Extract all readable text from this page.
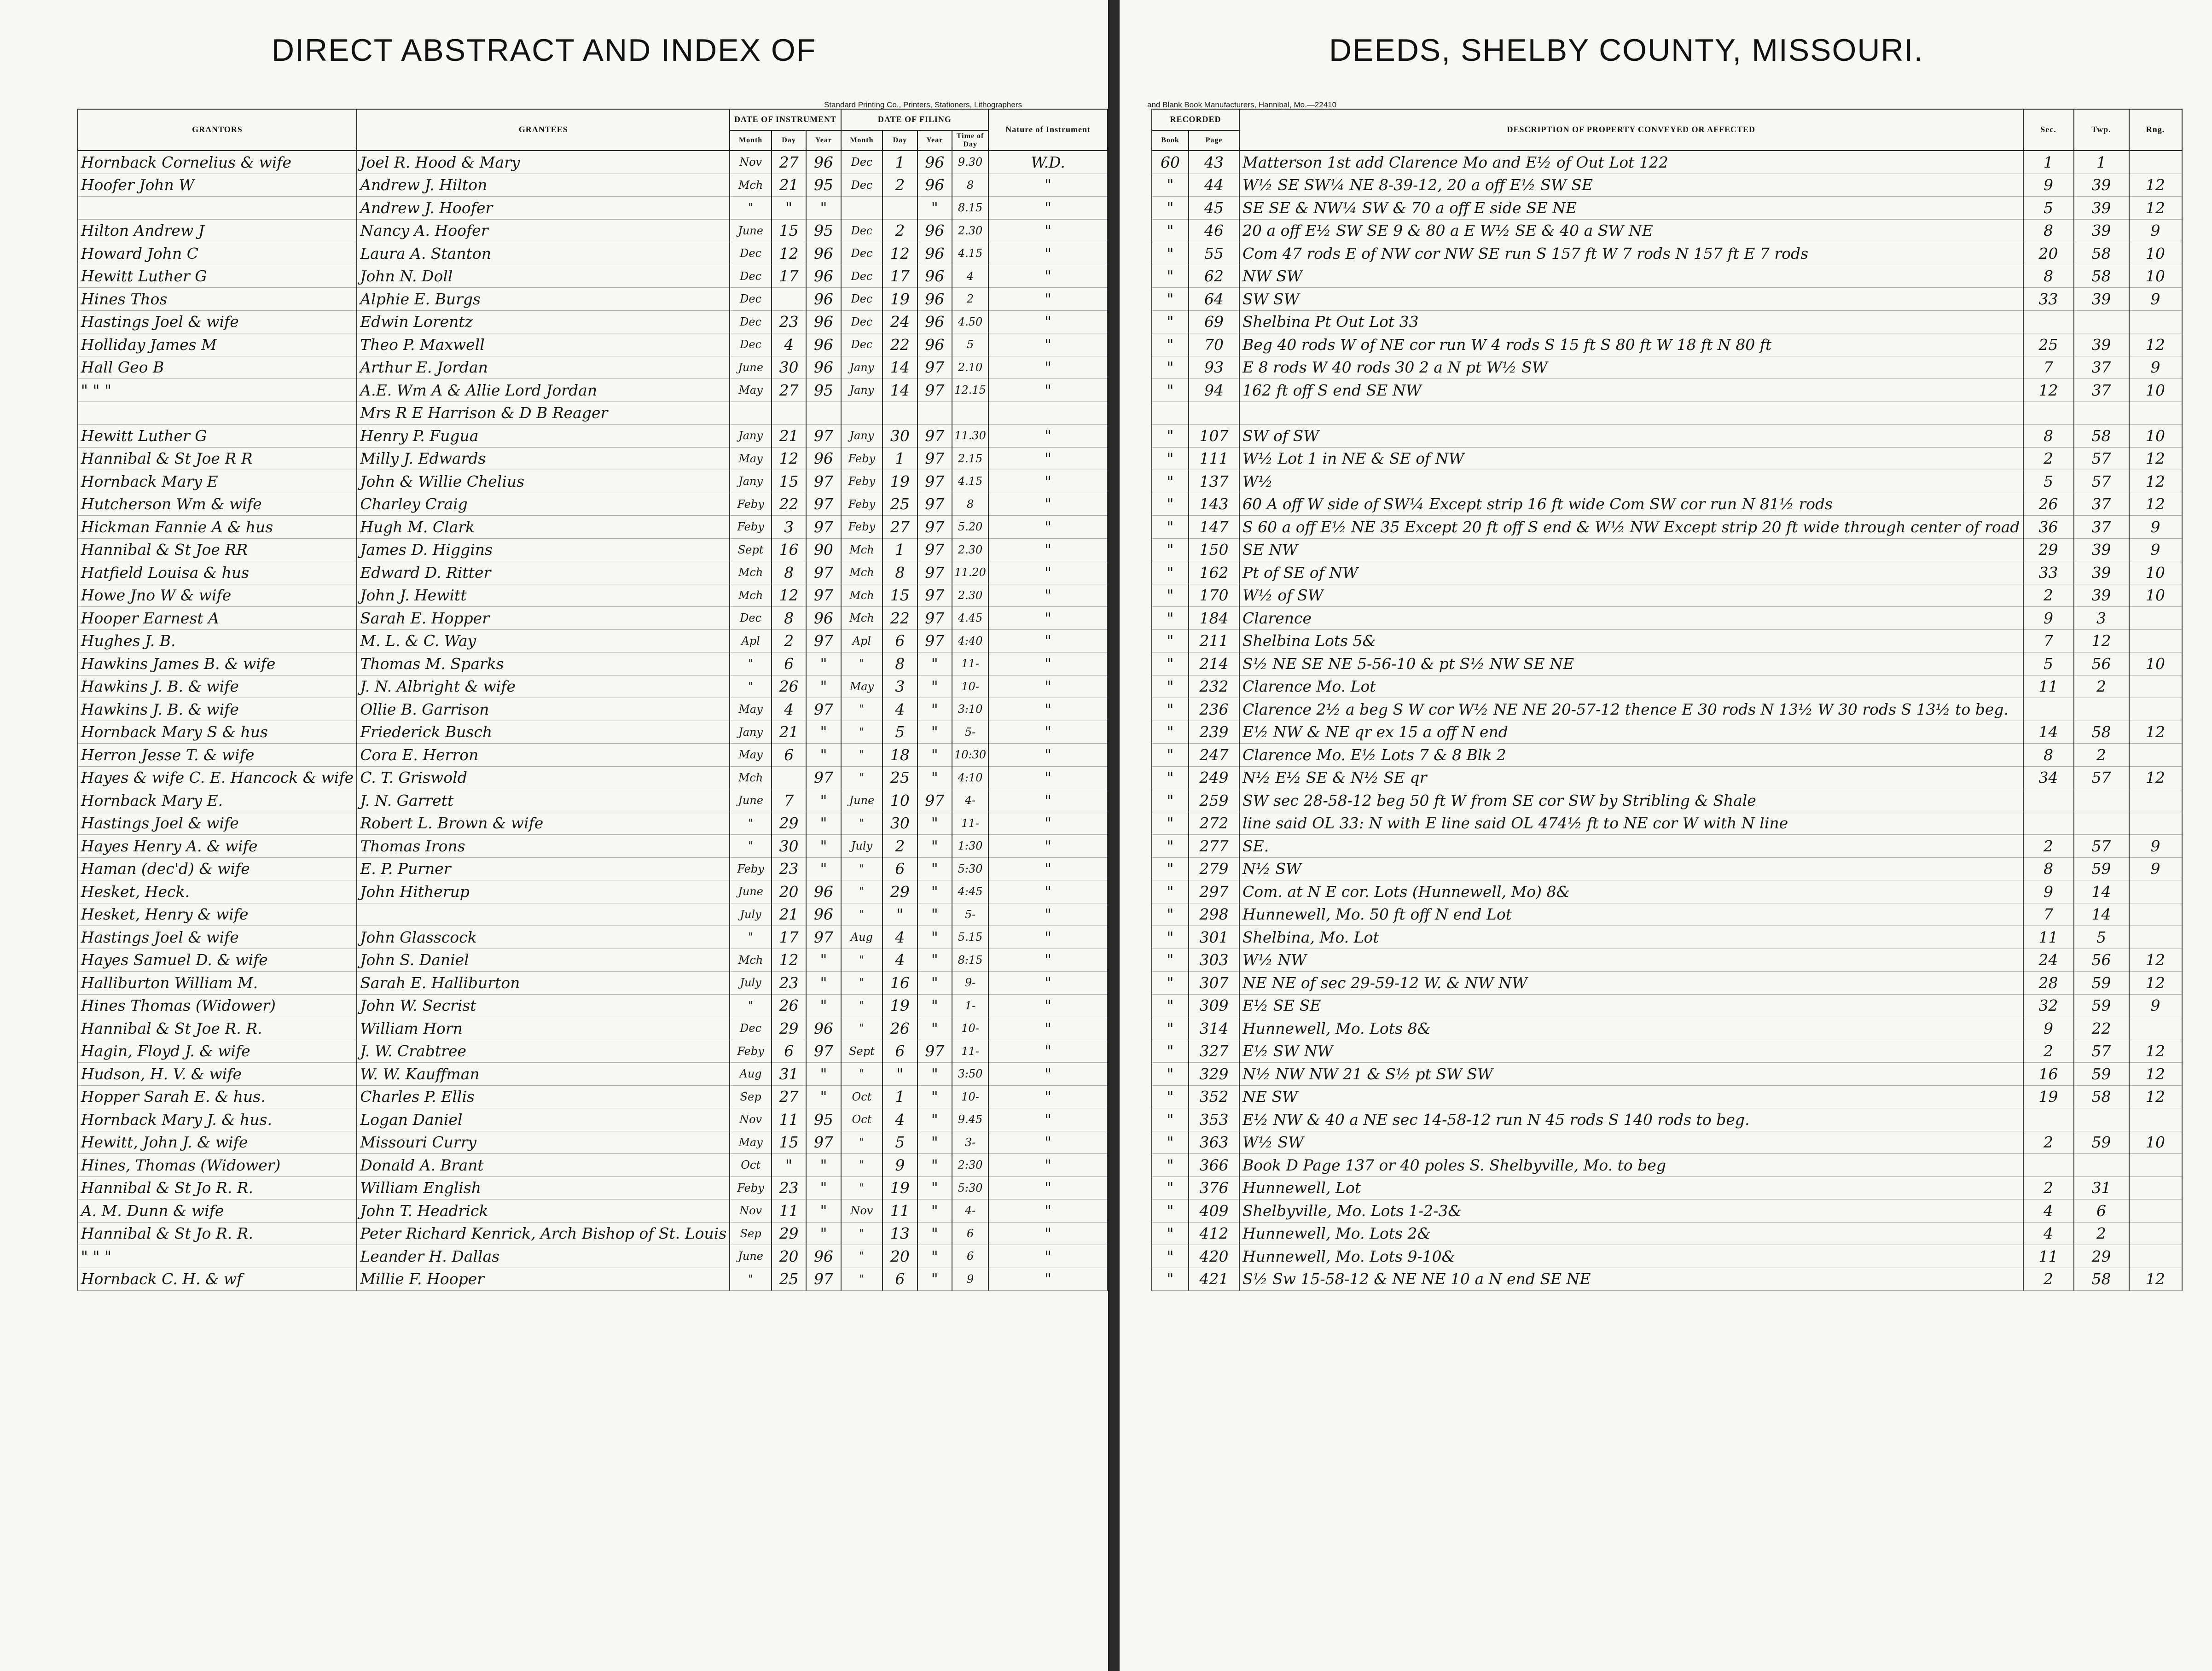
DIRECT ABSTRACT AND INDEX OF
Standard Printing Co., Printers, Stationers, Lithographers
	GRANTORS	GRANTEES	DATE OF INSTRUMENT			DATE OF FILING				Nature of Instrument
			Month	Day	Year	Month	Day	Year	Time of Day	
	Hornback Cornelius & wife	Joel R. Hood & Mary	Nov	27	96	Dec	1	96	9.30	W.D.
	Hoofer John W	Andrew J. Hilton	Mch	21	95	Dec	2	96	8	"
		Andrew J. Hoofer	"	"	"			"	8.15	"
	Hilton Andrew J	Nancy A. Hoofer	June	15	95	Dec	2	96	2.30	"
	Howard John C	Laura A. Stanton	Dec	12	96	Dec	12	96	4.15	"
	Hewitt Luther G	John N. Doll	Dec	17	96	Dec	17	96	4	"
	Hines Thos	Alphie E. Burgs	Dec		96	Dec	19	96	2	"
	Hastings Joel & wife	Edwin Lorentz	Dec	23	96	Dec	24	96	4.50	"
	Holliday James M	Theo P. Maxwell	Dec	4	96	Dec	22	96	5	"
	Hall Geo B	Arthur E. Jordan	June	30	96	Jany	14	97	2.10	"
	" " "	A.E. Wm A & Allie Lord Jordan	May	27	95	Jany	14	97	12.15	"
		Mrs R E Harrison & D B Reager								
	Hewitt Luther G	Henry P. Fugua	Jany	21	97	Jany	30	97	11.30	"
	Hannibal & St Joe R R	Milly J. Edwards	May	12	96	Feby	1	97	2.15	"
	Hornback Mary E	John & Willie Chelius	Jany	15	97	Feby	19	97	4.15	"
	Hutcherson Wm & wife	Charley Craig	Feby	22	97	Feby	25	97	8	"
	Hickman Fannie A & hus	Hugh M. Clark	Feby	3	97	Feby	27	97	5.20	"
	Hannibal & St Joe RR	James D. Higgins	Sept	16	90	Mch	1	97	2.30	"
	Hatfield Louisa & hus	Edward D. Ritter	Mch	8	97	Mch	8	97	11.20	"
	Howe Jno W & wife	John J. Hewitt	Mch	12	97	Mch	15	97	2.30	"
	Hooper Earnest A	Sarah E. Hopper	Dec	8	96	Mch	22	97	4.45	"
	Hughes J. B.	M. L. & C. Way	Apl	2	97	Apl	6	97	4:40	"
	Hawkins James B. & wife	Thomas M. Sparks	"	6	"	"	8	"	11-	"
	Hawkins J. B. & wife	J. N. Albright & wife	"	26	"	May	3	"	10-	"
	Hawkins J. B. & wife	Ollie B. Garrison	May	4	97	"	4	"	3:10	"
	Hornback Mary S & hus	Friederick Busch	Jany	21	"	"	5	"	5-	"
	Herron Jesse T. & wife	Cora E. Herron	May	6	"	"	18	"	10:30	"
	Hayes & wife C. E. Hancock & wife	C. T. Griswold	Mch		97	"	25	"	4:10	"
	Hornback Mary E.	J. N. Garrett	June	7	"	June	10	97	4-	"
	Hastings Joel & wife	Robert L. Brown & wife	"	29	"	"	30	"	11-	"
	Hayes Henry A. & wife	Thomas Irons	"	30	"	July	2	"	1:30	"
	Haman (dec'd) & wife	E. P. Purner	Feby	23	"	"	6	"	5:30	"
	Hesket, Heck.	John Hitherup	June	20	96	"	29	"	4:45	"
	Hesket, Henry & wife		July	21	96	"	"	"	5-	"
	Hastings Joel & wife	John Glasscock	"	17	97	Aug	4	"	5.15	"
	Hayes Samuel D. & wife	John S. Daniel	Mch	12	"	"	4	"	8:15	"
	Halliburton William M.	Sarah E. Halliburton	July	23	"	"	16	"	9-	"
	Hines Thomas (Widower)	John W. Secrist	"	26	"	"	19	"	1-	"
	Hannibal & St Joe R. R.	William Horn	Dec	29	96	"	26	"	10-	"
	Hagin, Floyd J. & wife	J. W. Crabtree	Feby	6	97	Sept	6	97	11-	"
	Hudson, H. V. & wife	W. W. Kauffman	Aug	31	"	"	"	"	3:50	"
	Hopper Sarah E. & hus.	Charles P. Ellis	Sep	27	"	Oct	1	"	10-	"
	Hornback Mary J. & hus.	Logan Daniel	Nov	11	95	Oct	4	"	9.45	"
	Hewitt, John J. & wife	Missouri Curry	May	15	97	"	5	"	3-	"
	Hines, Thomas (Widower)	Donald A. Brant	Oct	"	"	"	9	"	2:30	"
	Hannibal & St Jo R. R.	William English	Feby	23	"	"	19	"	5:30	"
	A. M. Dunn & wife	John T. Headrick	Nov	11	"	Nov	11	"	4-	"
	Hannibal & St Jo R. R.	Peter Richard Kenrick, Arch Bishop of St. Louis	Sep	29	"	"	13	"	6	"
	" " "	Leander H. Dallas	June	20	96	"	20	"	6	"
	Hornback C. H. & wf	Millie F. Hooper	"	25	97	"	6	"	9	"
DEEDS, SHELBY COUNTY, MISSOURI.
and Blank Book Manufacturers, Hannibal, Mo.—22410
	RECORDED		DESCRIPTION OF PROPERTY CONVEYED OR AFFECTED	Sec.	Twp.	Rng.
	Book	Page				
	60	43	Matterson 1st add Clarence Mo and E½ of Out Lot 122	1	1	
	"	44	W½ SE SW¼ NE 8-39-12, 20 a off E½ SW SE	9	39	12
	"	45	SE SE & NW¼ SW & 70 a off E side SE NE	5	39	12
	"	46	20 a off E½ SW SE 9 & 80 a E W½ SE & 40 a SW NE	8	39	9
	"	55	Com 47 rods E of NW cor NW SE run S 157 ft W 7 rods N 157 ft E 7 rods	20	58	10
	"	62	NW SW	8	58	10
	"	64	SW SW	33	39	9
	"	69	Shelbina Pt Out Lot 33			
	"	70	Beg 40 rods W of NE cor run W 4 rods S 15 ft S 80 ft W 18 ft N 80 ft	25	39	12
	"	93	E 8 rods W 40 rods 30 2 a N pt W½ SW	7	37	9
	"	94	162 ft off S end SE NW	12	37	10

	"	107	SW of SW	8	58	10
	"	111	W½ Lot 1 in NE & SE of NW	2	57	12
	"	137	W½	5	57	12
	"	143	60 A off W side of SW¼ Except strip 16 ft wide Com SW cor run N 81½ rods	26	37	12
	"	147	S 60 a off E½ NE 35 Except 20 ft off S end & W½ NW Except strip 20 ft wide through center of road	36	37	9
	"	150	SE NW	29	39	9
	"	162	Pt of SE of NW	33	39	10
	"	170	W½ of SW	2	39	10
	"	184	Clarence	9	3	
	"	211	Shelbina Lots 5&	7	12	
	"	214	S½ NE SE NE 5-56-10 & pt S½ NW SE NE	5	56	10
	"	232	Clarence Mo. Lot	11	2	
	"	236	Clarence 2½ a beg S W cor W½ NE NE 20-57-12 thence E 30 rods N 13½ W 30 rods S 13½ to beg.			
	"	239	E½ NW & NE qr ex 15 a off N end	14	58	12
	"	247	Clarence Mo. E½ Lots 7 & 8 Blk 2	8	2	
	"	249	N½ E½ SE & N½ SE qr	34	57	12
	"	259	SW sec 28-58-12 beg 50 ft W from SE cor SW by Stribling & Shale			
	"	272	line said OL 33: N with E line said OL 474½ ft to NE cor W with N line			
	"	277	SE.	2	57	9
	"	279	N½ SW	8	59	9
	"	297	Com. at N E cor. Lots (Hunnewell, Mo) 8&	9	14	
	"	298	Hunnewell, Mo. 50 ft off N end Lot	7	14	
	"	301	Shelbina, Mo. Lot	11	5	
	"	303	W½ NW	24	56	12
	"	307	NE NE of sec 29-59-12 W. & NW NW	28	59	12
	"	309	E½ SE SE	32	59	9
	"	314	Hunnewell, Mo. Lots 8&	9	22	
	"	327	E½ SW NW	2	57	12
	"	329	N½ NW NW 21 & S½ pt SW SW	16	59	12
	"	352	NE SW	19	58	12
	"	353	E½ NW & 40 a NE sec 14-58-12 run N 45 rods S 140 rods to beg.			
	"	363	W½ SW	2	59	10
	"	366	Book D Page 137 or 40 poles S. Shelbyville, Mo. to beg			
	"	376	Hunnewell, Lot	2	31	
	"	409	Shelbyville, Mo. Lots 1-2-3&	4	6	
	"	412	Hunnewell, Mo. Lots 2&	4	2	
	"	420	Hunnewell, Mo. Lots 9-10&	11	29	
	"	421	S½ Sw 15-58-12 & NE NE 10 a N end SE NE	2	58	12
